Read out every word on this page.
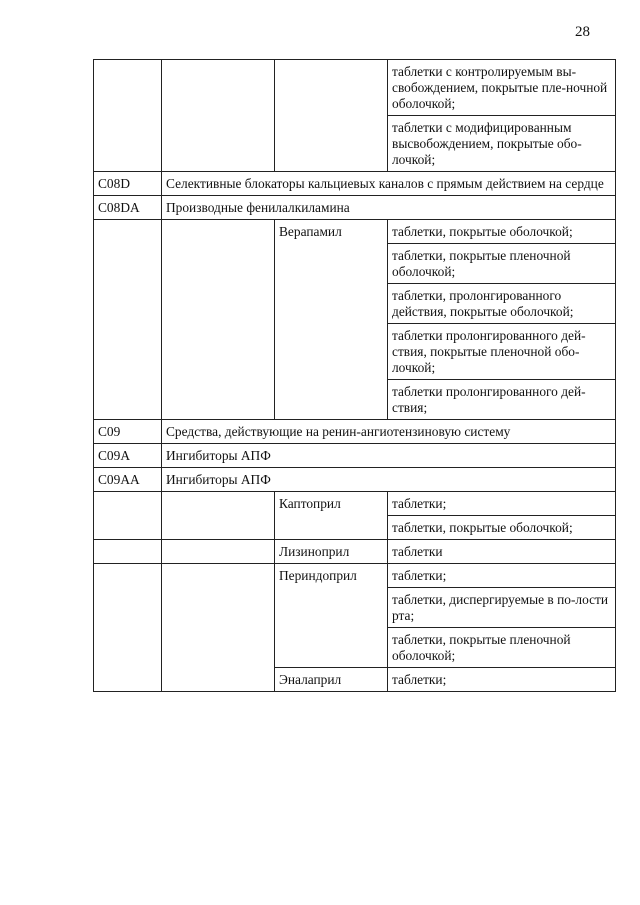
28
			таблетки с контролируемым вы-свобождением, покрытые пле-ночной оболочкой;
			таблетки с модифицированным высвобождением, покрытые обо-лочкой;
C08D	Селективные блокаторы кальциевых каналов с прямым действием на сердце		
C08DA	Производные фенилалкиламина		
		Верапамил	таблетки, покрытые оболочкой;
			таблетки, покрытые пленочной оболочкой;
			таблетки, пролонгированного действия, покрытые оболочкой;
			таблетки пролонгированного дей-ствия, покрытые пленочной обо-лочкой;
			таблетки пролонгированного дей-ствия;
C09	Средства, действующие на ренин-ангиотензиновую систему		
C09A	Ингибиторы АПФ		
C09AA	Ингибиторы АПФ		
		Каптоприл	таблетки;
			таблетки, покрытые оболочкой;
		Лизиноприл	таблетки
		Периндоприл	таблетки;
			таблетки, диспергируемые в по-лости рта;
			таблетки, покрытые пленочной оболочкой;
		Эналаприл	таблетки;
